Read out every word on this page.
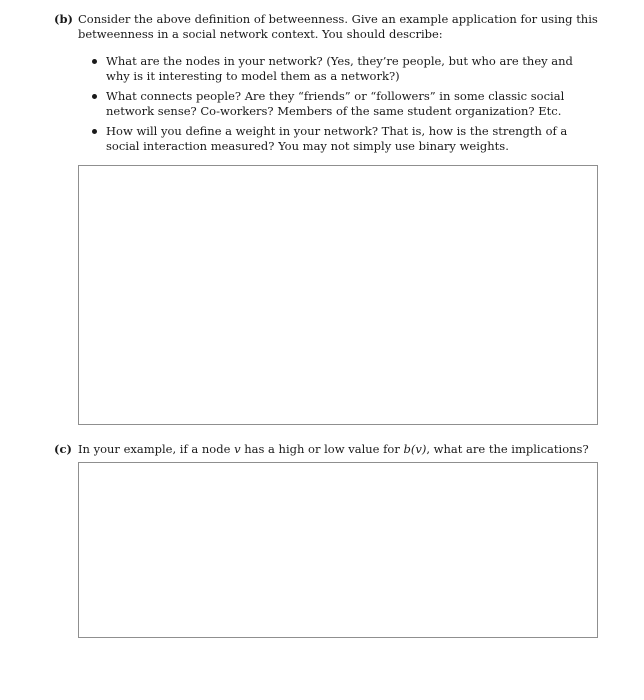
(b) Consider the above definition of betweenness. Give an example application for using this betweenness in a social network context. You should describe:
What are the nodes in your network? (Yes, they’re people, but who are they and why is it interesting to model them as a network?)
What connects people? Are they “friends” or “followers” in some classic social network sense? Co-workers? Members of the same student organization? Etc.
How will you define a weight in your network? That is, how is the strength of a social interaction measured? You may not simply use binary weights.
(c) In your example, if a node v has a high or low value for b(v), what are the implications?
